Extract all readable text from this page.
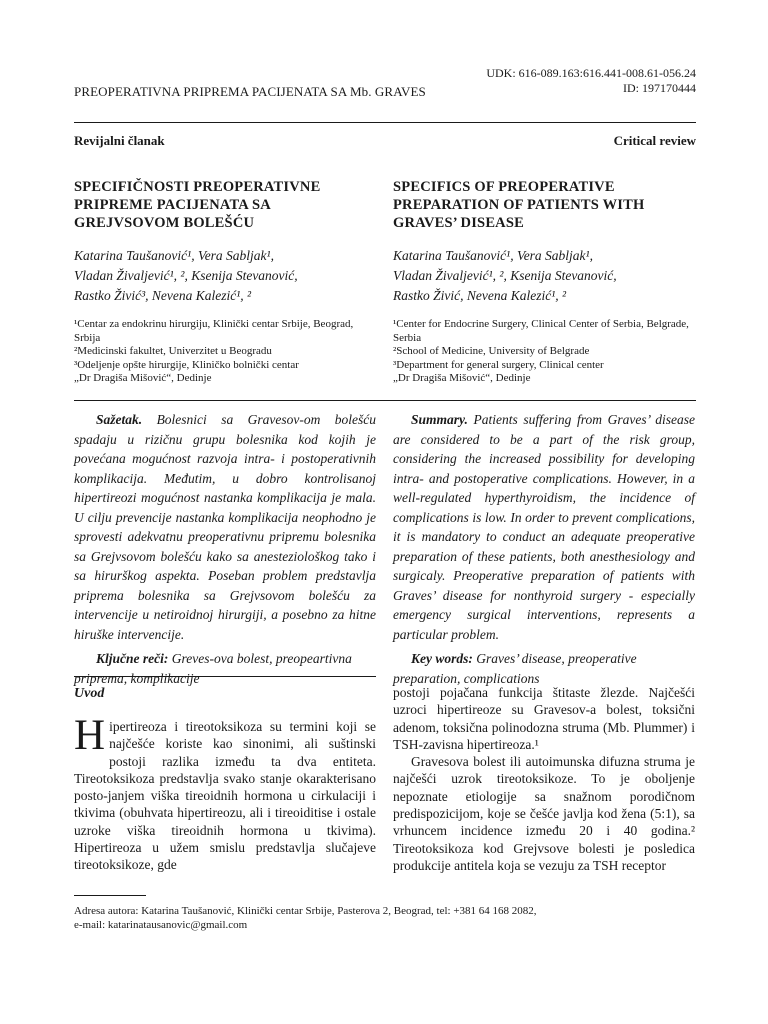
UDK: 616-089.163:616.441-008.61-056.24
ID: 197170444
PREOPERATIVNA PRIPREMA PACIJENATA SA Mb. GRAVES
Revijalni članak	Critical review
SPECIFIČNOSTI PREOPERATIVNE PRIPREME PACIJENATA SA GREJVSOVOM BOLEŠĆU
SPECIFICS OF PREOPERATIVE PREPARATION OF PATIENTS WITH GRAVES’ DISEASE
Katarina Taušanović¹, Vera Sabljak¹,
Vladan Živaljević¹, ², Ksenija Stevanović,
Rastko Živić³, Nevena Kalezić¹, ²
Katarina Taušanović¹, Vera Sabljak¹,
Vladan Živaljević¹, ², Ksenija Stevanović,
Rastko Živić, Nevena Kalezić¹, ²
¹Centar za endokrinu hirurgiju, Klinički centar Srbije, Beograd, Srbija
²Medicinski fakultet, Univerzitet u Beogradu
³Odeljenje opšte hirurgije, Kliničko bolnički centar
„Dr Dragiša Mišović“, Dedinje
¹Center for Endocrine Surgery, Clinical Center of Serbia, Belgrade, Serbia
²School of Medicine, University of Belgrade
³Department for general surgery, Clinical center
„Dr Dragiša Mišović“, Dedinje

Sažetak. Bolesnici sa Gravesov-om bolešću spadaju u rizičnu grupu bolesnika kod kojih je povećana mogućnost razvoja intra- i postoperativnih komplikacija. Međutim, u dobro kontrolisanoj hipertireozi mogućnost nastanka komplikacija je mala. U cilju prevencije nastanka komplikacija neophodno je sprovesti adekvatnu preoperativnu pripremu bolesnika sa Grejvsovom bolešću kako sa anesteziološkog tako i sa hirurškog aspekta. Poseban problem predstavlja priprema bolesnika sa Grejvsovom bolešću za intervencije u netiroidnoj hirurgiji, a posebno za hitne hiruške intervencije.

Ključne reči: Greves-ova bolest, preopeartivna priprema, komplikacije

Summary. Patients suffering from Graves’ disease are considered to be a part of the risk group, considering the increased possibility for developing intra- and postoperative complications. However, in a well-regulated hyperthyroidism, the incidence of complications is low. In order to prevent complications, it is mandatory to conduct an adequate preoperative preparation of these patients, both anesthesiology and surgicaly. Preoperative preparation of patients with Graves’ disease for nonthyroid surgery - especially emergency surgical interventions, represents a particular problem.

Key words: Graves’ disease, preoperative preparation, complications

Uvod

Hipertireoza i tireotoksikoza su termini koji se najčešće koriste kao sinonimi, ali suštinski postoji razlika između ta dva entiteta. Tireotoksikoza predstavlja svako stanje okarakterisano posto-janjem viška tireoidnih hormona u cirkulaciji i tkivima (obuhvata hipertireozu, ali i tireoiditise i ostale uzroke viška tireoidnih hormona u tkivima). Hipertireoza u užem smislu predstavlja slučajeve tireotoksikoze, gde

postoji pojačana funkcija štitaste žlezde. Najčešći uzroci hipertireoze su Gravesov-a bolest, toksični adenom, toksična polinodozna struma (Mb. Plummer) i TSH-zavisna hipertireoza.¹

Gravesova bolest ili autoimunska difuzna struma je najčešći uzrok tireotoksikoze. To je oboljenje nepoznate etiologije sa snažnom porodičnom predispozicijom, koje se češće javlja kod žena (5:1), sa vrhuncem incidence između 20 i 40 godina.² Tireotoksikoza kod Grejvsove bolesti je posledica produkcije antitela koja se vezuju za TSH receptor

Adresa autora: Katarina Taušanović, Klinički centar Srbije, Pasterova 2, Beograd, tel: +381 64 168 2082,
e-mail: katarinatausanovic@gmail.com
